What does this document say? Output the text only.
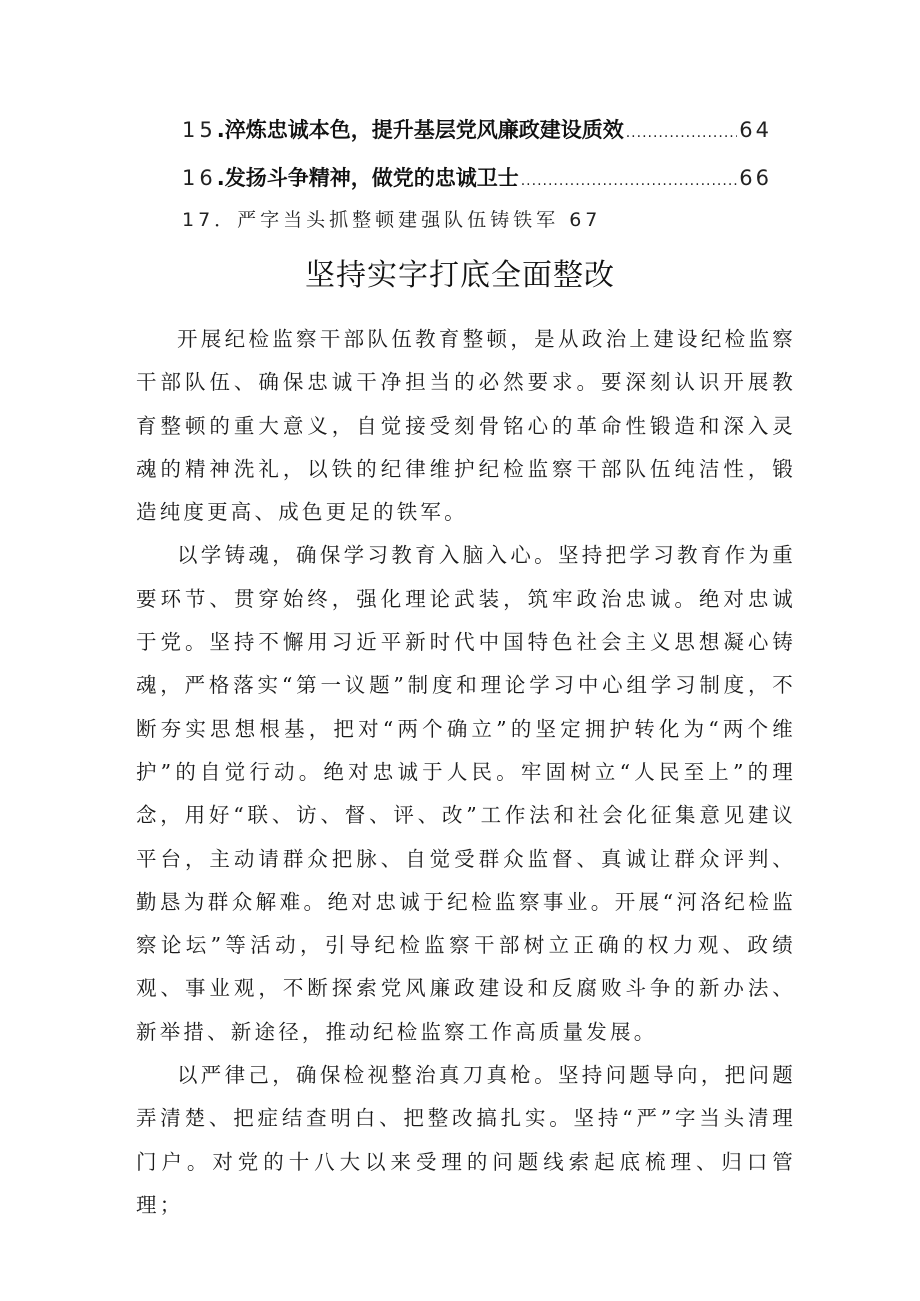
15 .淬炼忠诚本色，提升基层党风廉政建设质效 .....	64
16 .发扬斗争精神，做党的忠诚卫士 .....	66
17．严字当头抓整顿建强队伍铸铁军 67
坚持实字打底全面整改

开展纪检监察干部队伍教育整顿，是从政治上建设纪检监察干部队伍、确保忠诚干净担当的必然要求。要深刻认识开展教育整顿的重大意义，自觉接受刻骨铭心的革命性锻造和深入灵魂的精神洗礼，以铁的纪律维护纪检监察干部队伍纯洁性，锻造纯度更高、成色更足的铁军。

以学铸魂，确保学习教育入脑入心。坚持把学习教育作为重要环节、贯穿始终，强化理论武装，筑牢政治忠诚。绝对忠诚于党。坚持不懈用习近平新时代中国特色社会主义思想凝心铸魂，严格落实“第一议题”制度和理论学习中心组学习制度，不断夯实思想根基，把对“两个确立”的坚定拥护转化为“两个维护”的自觉行动。绝对忠诚于人民。牢固树立“人民至上”的理念，用好“联、访、督、评、改”工作法和社会化征集意见建议平台，主动请群众把脉、自觉受群众监督、真诚让群众评判、勤恳为群众解难。绝对忠诚于纪检监察事业。开展“河洛纪检监察论坛”等活动，引导纪检监察干部树立正确的权力观、政绩观、事业观，不断探索党风廉政建设和反腐败斗争的新办法、新举措、新途径，推动纪检监察工作高质量发展。

以严律己，确保检视整治真刀真枪。坚持问题导向，把问题弄清楚、把症结查明白、把整改搞扎实。坚持“严”字当头清理门户。对党的十八大以来受理的问题线索起底梳理、归口管理；
